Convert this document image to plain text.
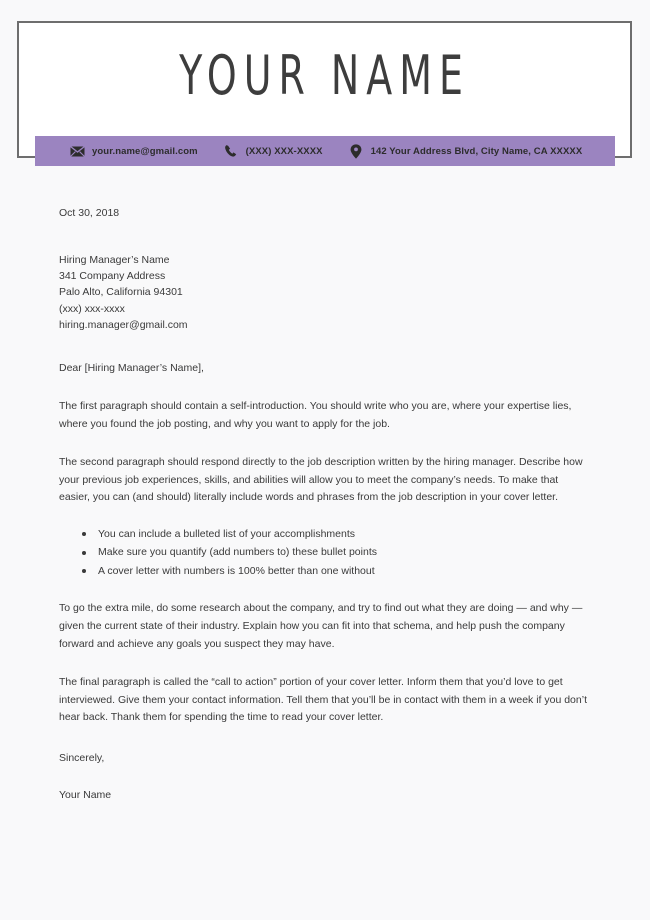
YOUR NAME
your.name@gmail.com	(XXX) XXX-XXXX	142 Your Address Blvd, City Name, CA XXXXX
Oct 30, 2018
Hiring Manager’s Name
341 Company Address
Palo Alto, California 94301
(xxx) xxx-xxxx
hiring.manager@gmail.com
Dear [Hiring Manager’s Name],
The first paragraph should contain a self-introduction. You should write who you are, where your expertise lies, where you found the job posting, and why you want to apply for the job.
The second paragraph should respond directly to the job description written by the hiring manager. Describe how your previous job experiences, skills, and abilities will allow you to meet the company’s needs. To make that easier, you can (and should) literally include words and phrases from the job description in your cover letter.
You can include a bulleted list of your accomplishments
Make sure you quantify (add numbers to) these bullet points
A cover letter with numbers is 100% better than one without
To go the extra mile, do some research about the company, and try to find out what they are doing — and why — given the current state of their industry. Explain how you can fit into that schema, and help push the company forward and achieve any goals you suspect they may have.
The final paragraph is called the “call to action” portion of your cover letter. Inform them that you’d love to get interviewed. Give them your contact information. Tell them that you’ll be in contact with them in a week if you don’t hear back. Thank them for spending the time to read your cover letter.
Sincerely,
Your Name
